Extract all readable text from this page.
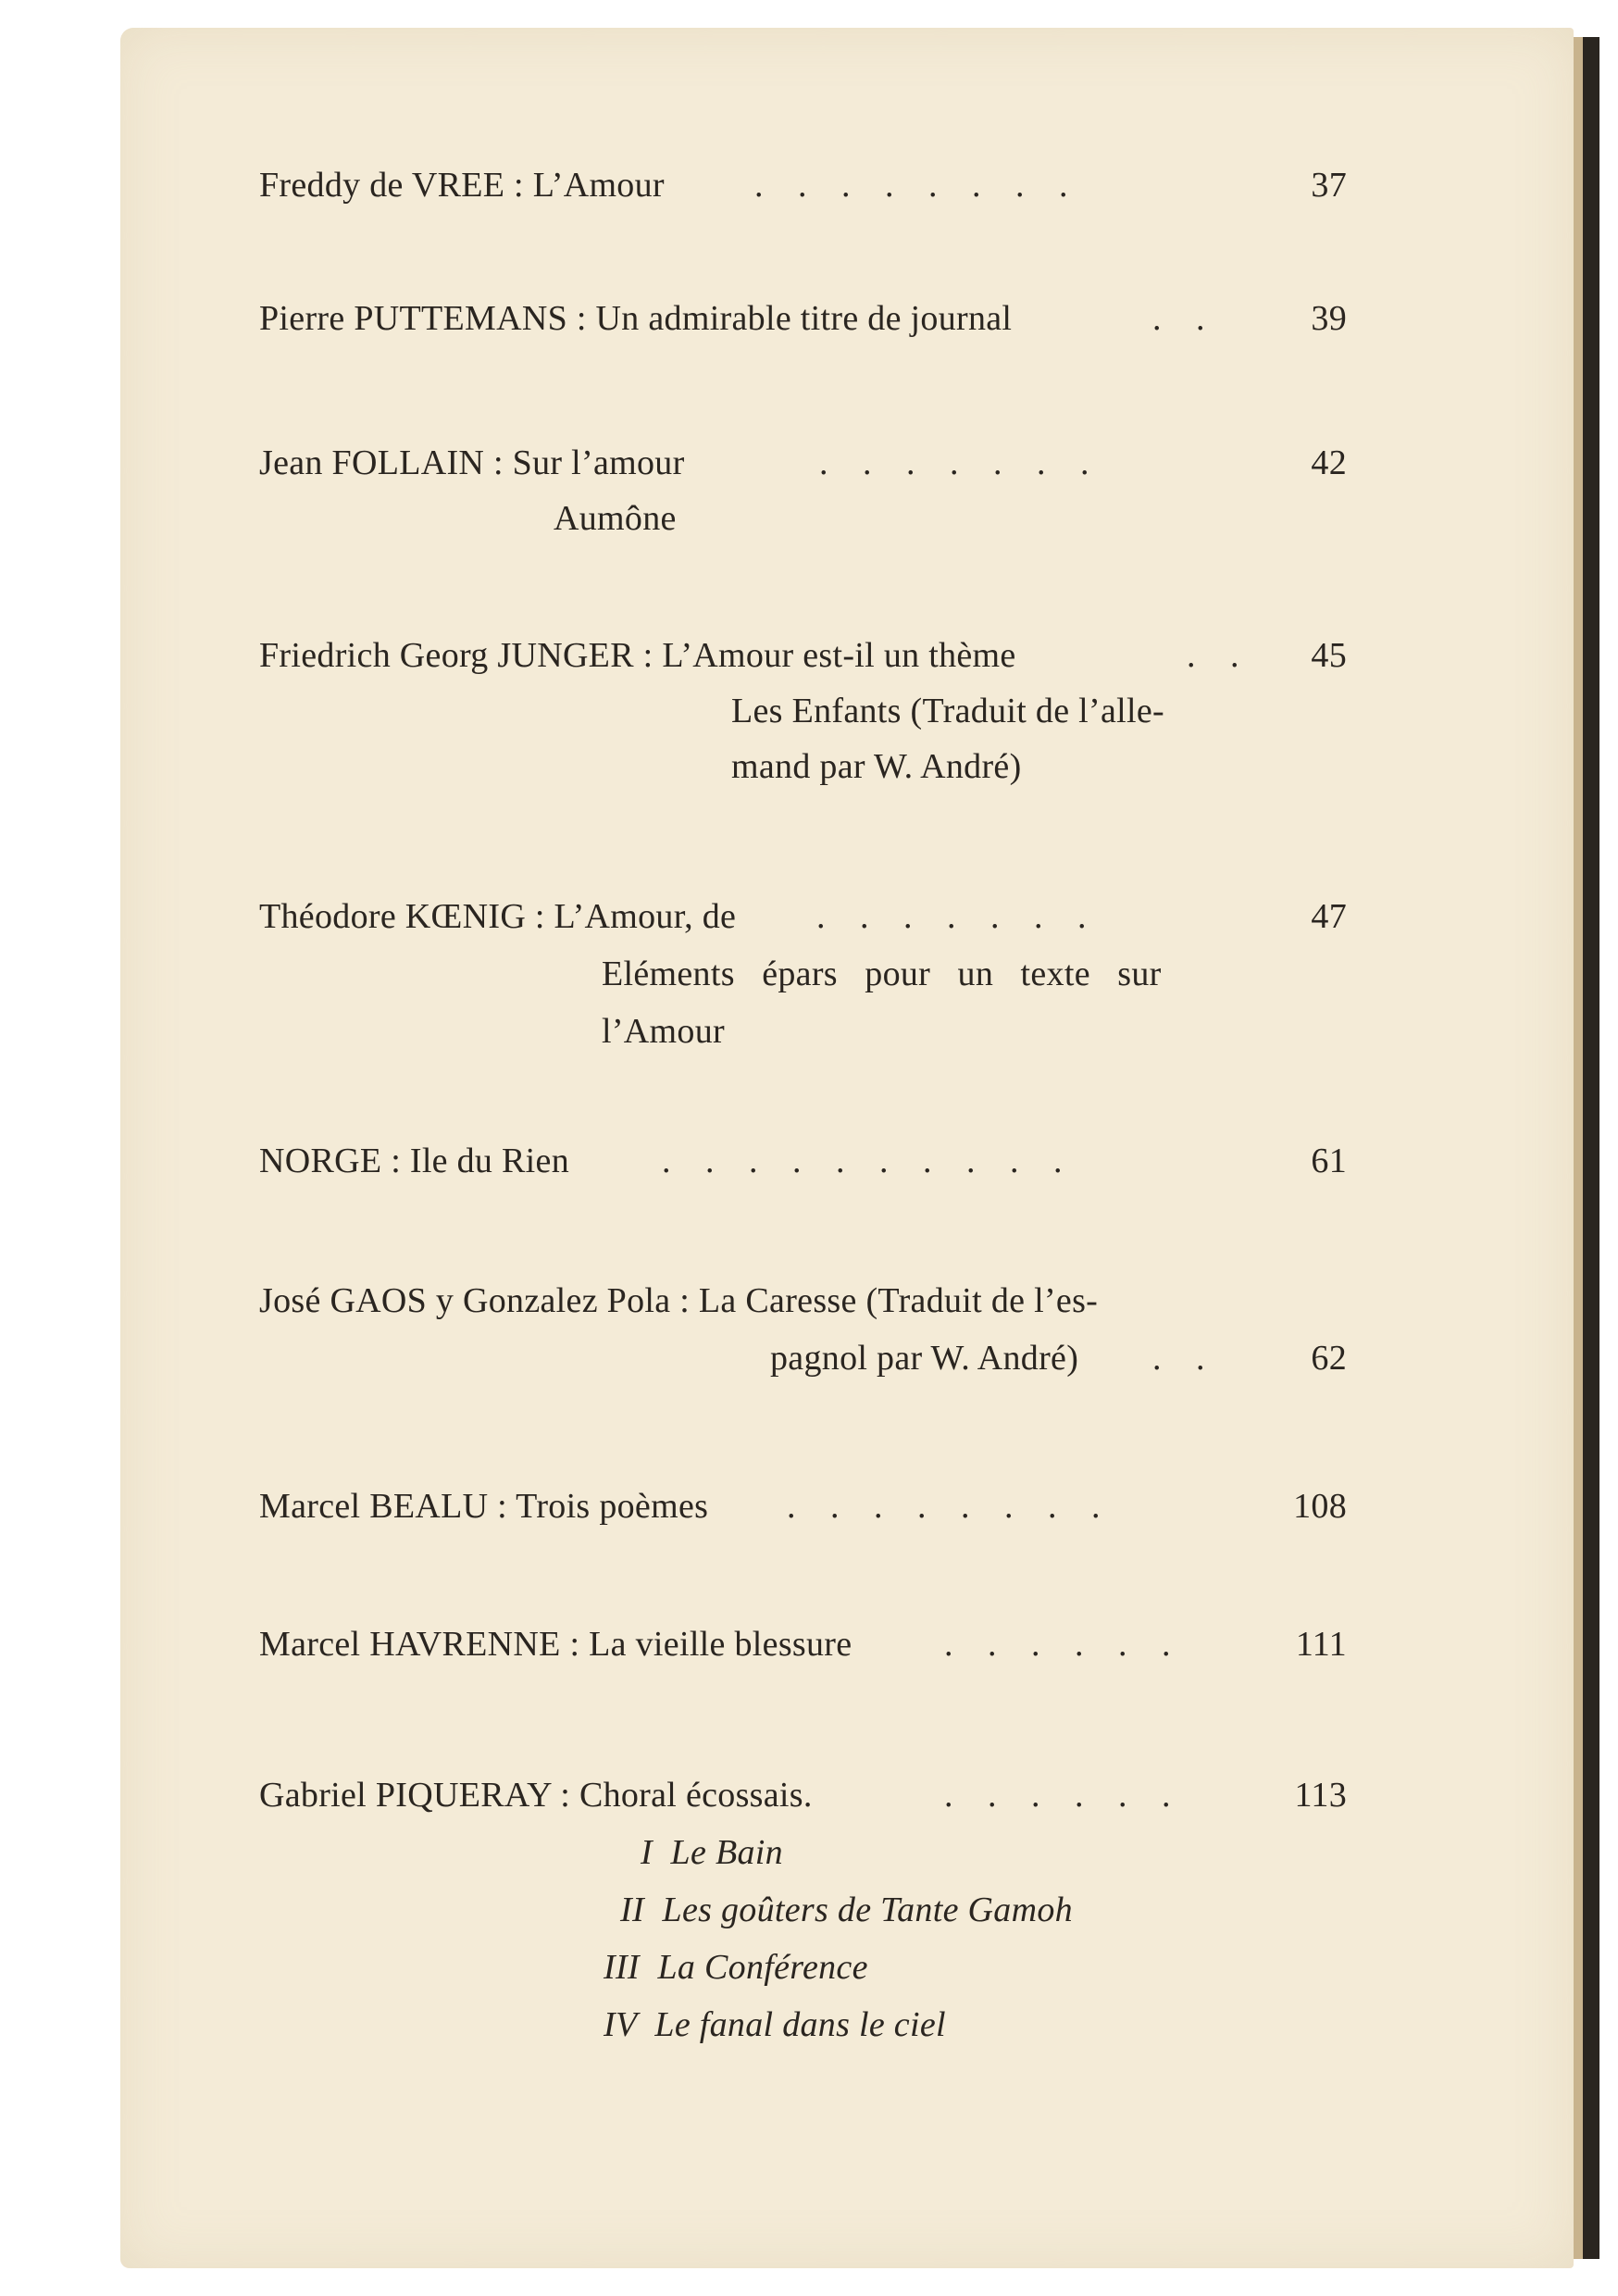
Freddy de VREE : L’Amour	. . . . . . . .	37
Pierre PUTTEMANS : Un admirable titre de journal	. .	39
Jean FOLLAIN : Sur l’amour	. . . . . . .	42
Aumône
Friedrich Georg JUNGER : L’Amour est-il un thème	. . 45
Les Enfants (Traduit de l’alle-
mand par W. André)
Théodore KŒNIG : L’Amour, de . . . . . . .	47
Eléments   épars   pour   un   texte   sur
l’Amour
NORGE : Ile du Rien	. . . . . . . . . .	61
José GAOS y Gonzalez Pola : La Caresse (Traduit de l’es-
pagnol par W. André) . .	62
Marcel BEALU : Trois poèmes . . . . . . . .	108
Marcel HAVRENNE : La vieille blessure	. . . . . .	111
Gabriel PIQUERAY : Choral écossais.	. . . . . .	113
I  Le Bain
II  Les goûters de Tante Gamoh
III  La Conférence
IV  Le fanal dans le ciel
